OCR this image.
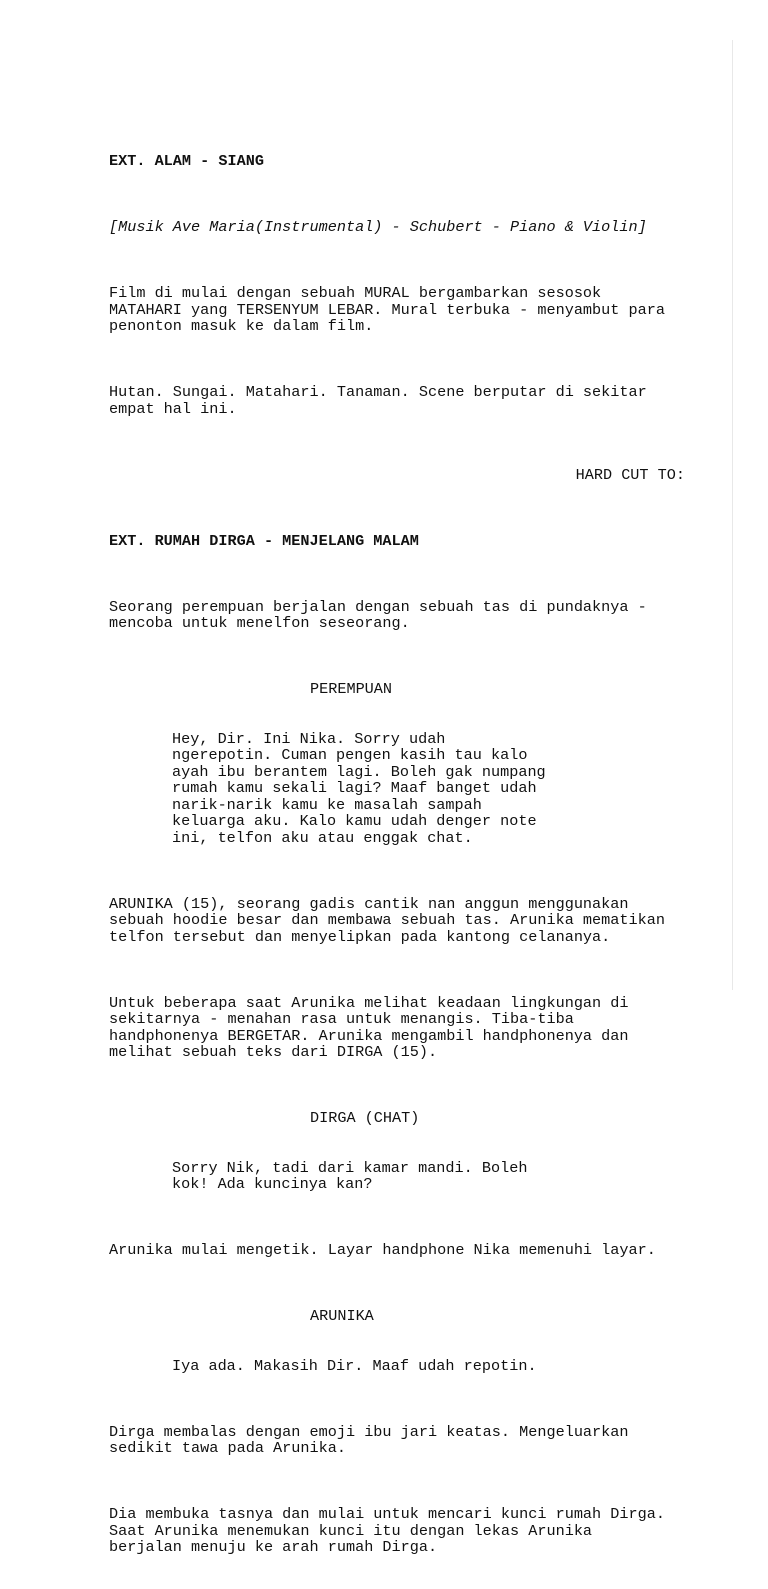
EXT. ALAM - SIANG

[Musik Ave Maria(Instrumental) - Schubert - Piano & Violin]

Film di mulai dengan sebuah MURAL bergambarkan sesosok
MATAHARI yang TERSENYUM LEBAR. Mural terbuka - menyambut para
penonton masuk ke dalam film.

Hutan. Sungai. Matahari. Tanaman. Scene berputar di sekitar
empat hal ini.

HARD CUT TO:

EXT. RUMAH DIRGA - MENJELANG MALAM

Seorang perempuan berjalan dengan sebuah tas di pundaknya -
mencoba untuk menelfon seseorang.

PEREMPUAN

Hey, Dir. Ini Nika. Sorry udah
ngerepotin. Cuman pengen kasih tau kalo
ayah ibu berantem lagi. Boleh gak numpang
rumah kamu sekali lagi? Maaf banget udah
narik-narik kamu ke masalah sampah
keluarga aku. Kalo kamu udah denger note
ini, telfon aku atau enggak chat.

ARUNIKA (15), seorang gadis cantik nan anggun menggunakan
sebuah hoodie besar dan membawa sebuah tas. Arunika mematikan
telfon tersebut dan menyelipkan pada kantong celananya.

Untuk beberapa saat Arunika melihat keadaan lingkungan di
sekitarnya - menahan rasa untuk menangis. Tiba-tiba
handphonenya BERGETAR. Arunika mengambil handphonenya dan
melihat sebuah teks dari DIRGA (15).

DIRGA (CHAT)

Sorry Nik, tadi dari kamar mandi. Boleh
kok! Ada kuncinya kan?

Arunika mulai mengetik. Layar handphone Nika memenuhi layar.

ARUNIKA

Iya ada. Makasih Dir. Maaf udah repotin.

Dirga membalas dengan emoji ibu jari keatas. Mengeluarkan
sedikit tawa pada Arunika.

Dia membuka tasnya dan mulai untuk mencari kunci rumah Dirga.
Saat Arunika menemukan kunci itu dengan lekas Arunika
berjalan menuju ke arah rumah Dirga.
